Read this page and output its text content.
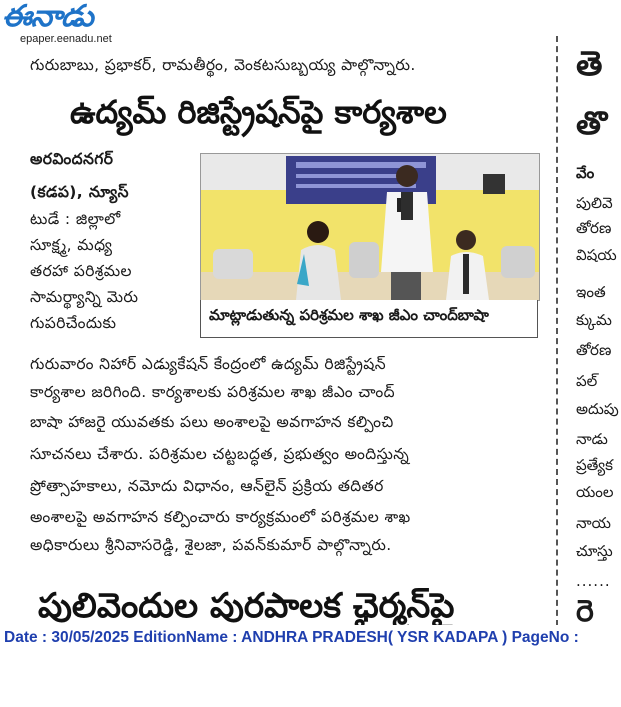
ఈనాడు
epaper.eenadu.net
గురుబాబు, ప్రభాకర్, రామతీర్థం, వెంకటసుబ్బయ్య పాల్గొన్నారు.
ఉద్యమ్ రిజిస్ట్రేషన్‌పై కార్యశాల
అరవిందనగర్
(కడప), న్యూస్
టుడే : జిల్లాలో
సూక్ష్మ, మధ్య
తరహా పరిశ్రమల
సామర్థ్యాన్ని మెరు
గుపరిచేందుకు	మాట్లాడుతున్న పరిశ్రమల శాఖ జీఎం చాంద్‌బాషా
గురువారం నిహార్ ఎడ్యుకేషన్ కేంద్రంలో ఉద్యమ్ రిజిస్ట్రేషన్
కార్యశాల జరిగింది. కార్యశాలకు పరిశ్రమల శాఖ జీఎం చాంద్
బాషా హాజరై యువతకు పలు అంశాలపై అవగాహన కల్పించి
సూచనలు చేశారు. పరిశ్రమల చట్టబద్ధత, ప్రభుత్వం అందిస్తున్న
ప్రోత్సాహకాలు, నమోదు విధానం, ఆన్‌లైన్ ప్రక్రియ తదితర
అంశాలపై అవగాహన కల్పించారు కార్యక్రమంలో పరిశ్రమల శాఖ
అధికారులు శ్రీనివాసరెడ్డి, శైలజా, పవన్‌కుమార్ పాల్గొన్నారు.
పులివెందుల పురపాలక ఛైర్మన్‌పై
తె
తొ
వేం
పులివె
తోరణ
విషయ
ఇంత
క్కుమ
తోరణ
పల్
అదుపు
నాడు
ప్రత్యేక
యంల
నాయ
చూస్తు
......
రె
Date : 30/05/2025 EditionName : ANDHRA PRADESH( YSR KADAPA ) PageNo :
